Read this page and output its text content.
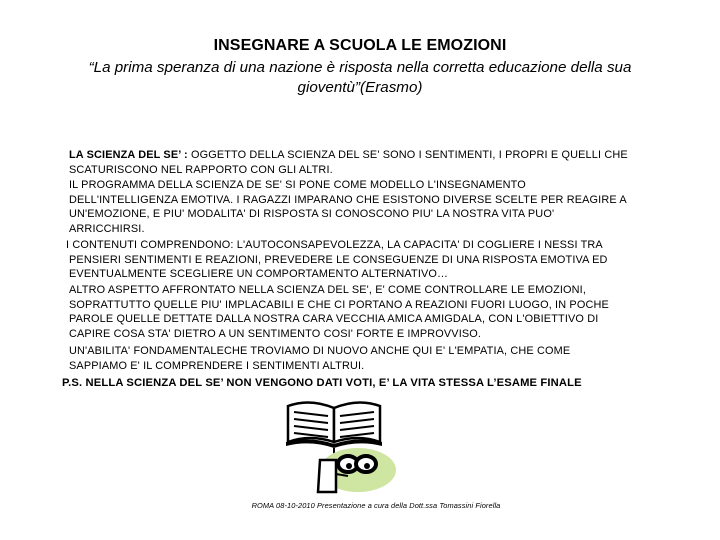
INSEGNARE A SCUOLA LE EMOZIONI
“La prima speranza di una nazione è risposta nella corretta educazione della sua
gioventù”(Erasmo)
LA SCIENZA DEL SE’ : OGGETTO DELLA SCIENZA DEL SE' SONO I SENTIMENTI, I PROPRI E QUELLI CHE
SCATURISCONO NEL RAPPORTO CON GLI ALTRI.
IL PROGRAMMA DELLA SCIENZA DE SE' SI PONE COME MODELLO L'INSEGNAMENTO
DELL'INTELLIGENZA EMOTIVA. I RAGAZZI IMPARANO CHE ESISTONO DIVERSE SCELTE PER REAGIRE A
UN'EMOZIONE, E PIU' MODALITA' DI RISPOSTA SI CONOSCONO PIU' LA NOSTRA VITA PUO'
ARRICCHIRSI.
I CONTENUTI COMPRENDONO: L'AUTOCONSAPEVOLEZZA, LA CAPACITA' DI COGLIERE I NESSI TRA
PENSIERI SENTIMENTI E REAZIONI, PREVEDERE LE CONSEGUENZE DI UNA RISPOSTA EMOTIVA ED
EVENTUALMENTE SCEGLIERE UN COMPORTAMENTO ALTERNATIVO…
ALTRO ASPETTO AFFRONTATO NELLA SCIENZA DEL SE', E' COME CONTROLLARE LE EMOZIONI,
SOPRATTUTTO QUELLE PIU' IMPLACABILI E CHE CI PORTANO A REAZIONI FUORI LUOGO, IN POCHE
PAROLE QUELLE DETTATE DALLA NOSTRA CARA VECCHIA AMICA AMIGDALA, CON L'OBIETTIVO DI
CAPIRE COSA STA' DIETRO A UN SENTIMENTO COSI' FORTE E IMPROVVISO.
UN'ABILITA' FONDAMENTALECHE TROVIAMO DI NUOVO ANCHE QUI E' L'EMPATIA, CHE COME
SAPPIAMO E' IL COMPRENDERE I SENTIMENTI ALTRUI.
P.S. NELLA SCIENZA DEL SE’ NON VENGONO DATI VOTI, E’ LA VITA STESSA L’ESAME FINALE
ROMA 08-10-2010 Presentazione a cura della Dott.ssa Tomassini Fiorella
